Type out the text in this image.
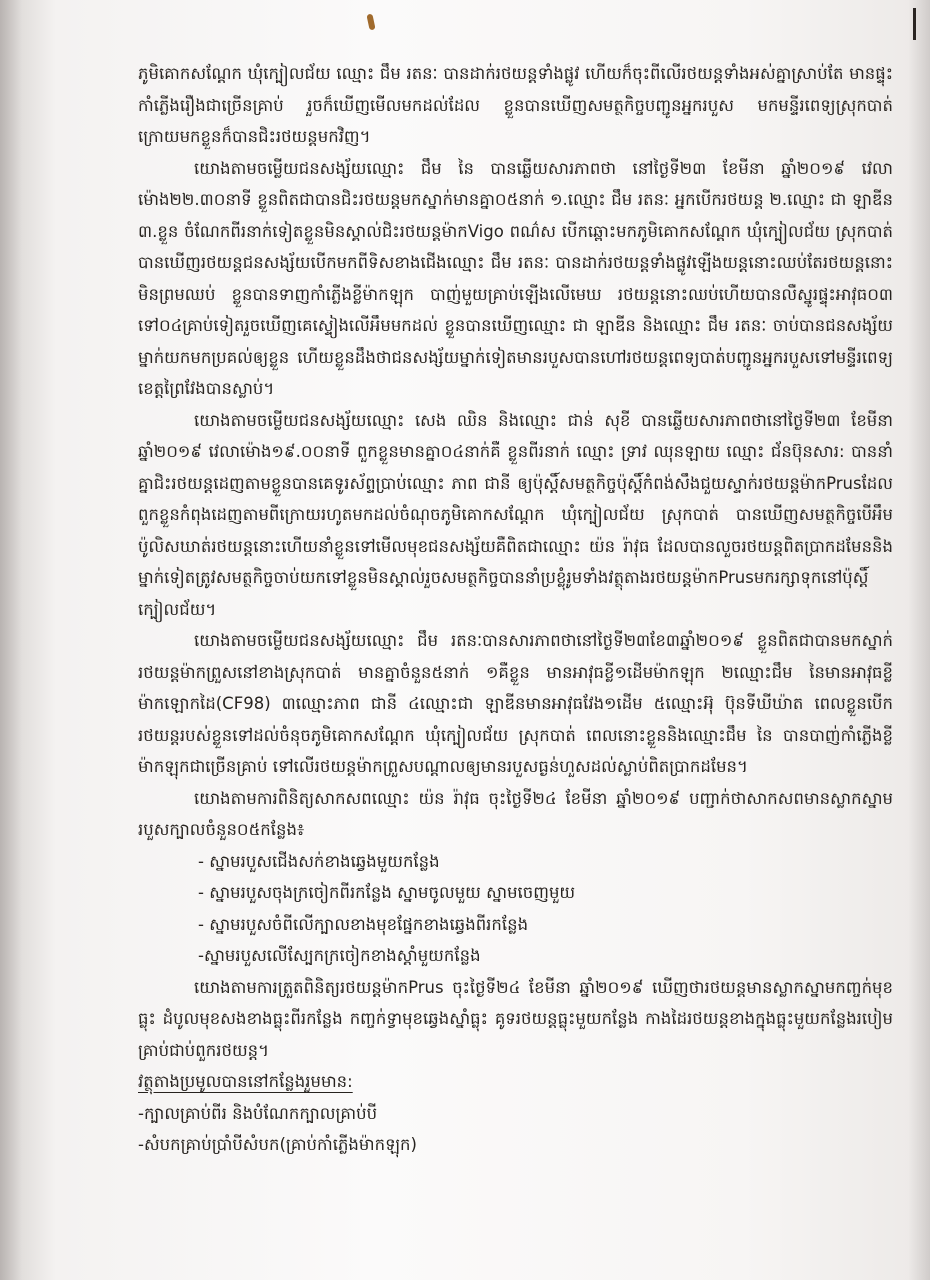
ភូមិគោកសណ្ដែក ឃុំក្បៀលជ័យ ឈ្មោះ ជឹម រតនៈ បានដាក់រថយន្តទាំងផ្លូវ ហើយក៏ចុះពីលើរថយន្តទាំងអស់គ្នាស្រាប់តែ មានផ្ទុះកាំភ្លើងរឿងជាច្រើនគ្រាប់ រួចក៏ឃើញមើលមកដល់ដែល ខ្លួនបានឃើញសមត្ថកិច្ចបញ្ជូនអ្នករបួស មកមន្ទីរពេទ្យស្រុកបាត់ ក្រោយមកខ្លួនក៏បានជិះរថយន្តមកវិញ។

យោងតាមចម្លើយជនសង្ស័យឈ្មោះ ជឹម នៃ បានឆ្លើយសារភាពថា នៅថ្ងៃទី២៣ ខែមីនា ឆ្នាំ២០១៩ វេលាម៉ោង២២.៣០នាទី ខ្លួនពិតជាបានជិះរថយន្តមកស្នាក់មានគ្នា០៥នាក់ ១.ឈ្មោះ ជឹម រតនៈ អ្នកបើករថយន្ត ២.ឈ្មោះ ជា ឡាឌីន ៣.ខ្លួន ចំណែកពីរនាក់ទៀតខ្លួនមិនស្គាល់ជិះរថយន្តម៉ាកVigo ពណ៌ស បើកឆ្ពោះមកភូមិគោកសណ្ដែក ឃុំក្បៀលជ័យ ស្រុកបាត់ បានឃើញរថយន្តជនសង្ស័យបើកមកពីទិសខាងជើងឈ្មោះ ជឹម រតនៈ បានដាក់រថយន្តទាំងផ្លូវឡើងយន្តនោះឈប់តែរថយន្តនោះមិនព្រមឈប់ ខ្លួនបានទាញកាំភ្លើងខ្លីម៉ាកឡុក បាញ់មួយគ្រាប់ឡើងលើមេឃ រថយន្តនោះឈប់ហើយបានលឺស្នូរផ្ទុះអាវុធ០៣ ទៅ០៤គ្រាប់ទៀតរួចឃើញគេស្ទៀងលើអឹមមកដល់ ខ្លួនបានឃើញឈ្មោះ ជា ឡាឌីន និងឈ្មោះ ជឹម រតនៈ ចាប់បានជនសង្ស័យម្នាក់យកមកប្រគល់ឲ្យខ្លួន ហើយខ្លួនដឹងថាជនសង្ស័យម្នាក់ទៀតមានរបួសបានហៅរថយន្តពេទ្យបាត់បញ្ជូនអ្នករបួសទៅមន្ទីរពេទ្យខេត្តព្រៃវែងបានស្លាប់។

យោងតាមចម្លើយជនសង្ស័យឈ្មោះ សេង ឈិន និងឈ្មោះ ជាន់ សុខី បានឆ្លើយសារភាពថានៅថ្ងៃទី២៣ ខែមីនា ឆ្នាំ២០១៩ វេលាម៉ោង១៩.០០នាទី ពួកខ្លួនមានគ្នា០៤នាក់គឺ ខ្លួនពីរនាក់ ឈ្មោះ ទ្រាវ ឈុនឡាយ ឈ្មោះ ជ័នប៊ុនសារ: បាននាំគ្នាជិះរថយន្តដេញតាមខ្លួនបានគេទូរស័ព្ទប្រាប់ឈ្មោះ ភាព ជានី ឲ្យប៉ុស្តិ៍សមត្ថកិច្ចប៉ុស្តិ៍កំពង់សឹងជួយស្ទាក់រថយន្តម៉ាកPrusដែលពួកខ្លួនកំពុងដេញតាមពីក្រោយរហូតមកដល់ចំណុចភូមិគោកសណ្ដែក ឃុំក្បៀលជ័យ ស្រុកបាត់ បានឃើញសមត្ថកិច្ចបើអឹមប៉ូលិសឃាត់រថយន្តនោះហើយនាំខ្លួនទៅមើលមុខជនសង្ស័យគឺពិតជាឈ្មោះ យ៉ន រ៉ាវុធ ដែលបានលួចរថយន្តពិតប្រាកដមែននិងម្នាក់ទៀតត្រូវសមត្ថកិច្ចចាប់យកទៅខ្លួនមិនស្គាល់រួចសមត្ថកិច្ចបាននាំប្រខ្លុំរូមទាំងវត្ថុតាងរថយន្តម៉ាកPrusមករក្សាទុកនៅប៉ុស្តិ៍ក្បៀលជ័យ។

យោងតាមចម្លើយជនសង្ស័យឈ្មោះ ជឹម រតនៈបានសារភាពថានៅថ្ងៃទី២៣ខែ៣ឆ្នាំ២០១៩ ខ្លួនពិតជាបានមកស្នាក់រថយន្តម៉ាកព្រួសនៅខាងស្រុកបាត់ មានគ្នាចំនួន៥នាក់ ១គឺខ្លួន មានអាវុធខ្លី១ដើមម៉ាកឡុក ២ឈ្មោះជឹម នៃមានអាវុធខ្លីម៉ាកឡោកដៃ(CF98) ៣ឈ្មោះភាព ជានី ៤ឈ្មោះជា ឡាឌីនមានអាវុធវែង១ដើម ៥ឈ្មោះអ៊ុ ប៊ុនទីឃីឃ៉ាត ពេលខ្លួនបើករថយន្តរបស់ខ្លួនទៅដល់ចំនុចភូមិគោកសណ្ដែក ឃុំក្បៀលជ័យ ស្រុកបាត់ ពេលនោះខ្លួននិងឈ្មោះជឹម នៃ បានបាញ់កាំភ្លើងខ្លីម៉ាកឡុកជាច្រើនគ្រាប់ ទៅលើរថយន្តម៉ាកព្រួសបណ្ដាលឲ្យមានរបួសធ្ងន់ហួសដល់ស្លាប់ពិតប្រាកដមែន។

យោងតាមការពិនិត្យសាកសពឈ្មោះ យ៉ន រ៉ាវុធ ចុះថ្ងៃទី២៤ ខែមីនា ឆ្នាំ២០១៩ បញ្ជាក់ថាសាកសពមានស្លាកស្នាមរបួសក្បាលចំនួន០៥កន្លែង៖

- ស្នាមរបួសជើងសក់ខាងឆ្វេងមួយកន្លែង
- ស្នាមរបួសចុងក្រចៀកពីរកន្លែង ស្នាមចូលមួយ ស្នាមចេញមួយ
- ស្នាមរបួសចំពីលើក្បាលខាងមុខផ្នែកខាងឆ្វេងពីរកន្លែង
-ស្នាមរបួសលើស្បែកក្រចៀកខាងស្ដាំមួយកន្លែង

យោងតាមការត្រួតពិនិត្យរថយន្តម៉ាកPrus ចុះថ្ងៃទី២៤ ខែមីនា ឆ្នាំ២០១៩ ឃើញថារថយន្តមានស្លាកស្នាមកញ្ចក់មុខធ្លុះ ដំបូលមុខសងខាងធ្លុះពីរកន្លែង កញ្ចក់ទ្វាមុខឆ្វេងស្នាំធ្លុះ គូទរថយន្តធ្លុះមួយកន្លែង កាងដៃរថយន្តខាងក្នុងធ្លុះមួយកន្លែងរបៀមគ្រាប់ជាប់ពួករថយន្ត។

វត្ថុតាងប្រមូលបាននៅកន្លែងរួមមាន:

-ក្បាលគ្រាប់ពីរ និងបំណែកក្បាលគ្រាប់បី
-សំបកគ្រាប់ប្រាំបីសំបក(គ្រាប់កាំភ្លើងម៉ាកឡុក)
